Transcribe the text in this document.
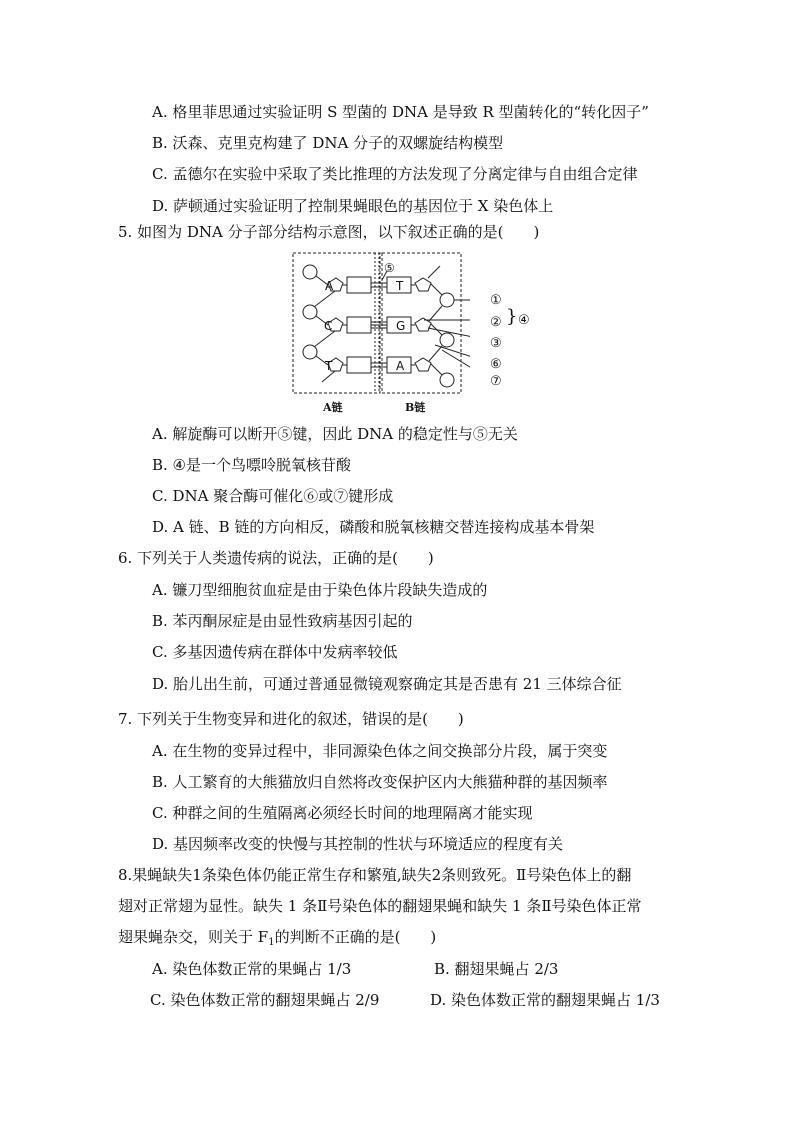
A. 格里菲思通过实验证明 S 型菌的 DNA 是导致 R 型菌转化的“转化因子”
B. 沃森、克里克构建了 DNA 分子的双螺旋结构模型
C. 孟德尔在实验中采取了类比推理的方法发现了分离定律与自由组合定律
D. 萨顿通过实验证明了控制果蝇眼色的基因位于 X 染色体上
5. 如图为 DNA 分子部分结构示意图，以下叙述正确的是(　　)
A
C
T
T
G
A
⑤
①
②
③
} ④
⑥
⑦
A链	B链
A. 解旋酶可以断开⑤键，因此 DNA 的稳定性与⑤无关
B. ④是一个鸟嘌呤脱氧核苷酸
C. DNA 聚合酶可催化⑥或⑦键形成
D. A 链、B 链的方向相反，磷酸和脱氧核糖交替连接构成基本骨架
6. 下列关于人类遗传病的说法，正确的是(　　)
A. 镰刀型细胞贫血症是由于染色体片段缺失造成的
B. 苯丙酮尿症是由显性致病基因引起的
C. 多基因遗传病在群体中发病率较低
D. 胎儿出生前，可通过普通显微镜观察确定其是否患有 21 三体综合征
7. 下列关于生物变异和进化的叙述，错误的是(　　)
A. 在生物的变异过程中，非同源染色体之间交换部分片段，属于突变
B. 人工繁育的大熊猫放归自然将改变保护区内大熊猫种群的基因频率
C. 种群之间的生殖隔离必须经长时间的地理隔离才能实现
D. 基因频率改变的快慢与其控制的性状与环境适应的程度有关
8.果蝇缺失1条染色体仍能正常生存和繁殖,缺失2条则致死。Ⅱ号染色体上的翻
翅对正常翅为显性。缺失 1 条Ⅱ号染色体的翻翅果蝇和缺失 1 条Ⅱ号染色体正常
翅果蝇杂交，则关于 $F_1$的判断不正确的是(　　)
A. 染色体数正常的果蝇占 1/3	B. 翻翅果蝇占 2/3
C. 染色体数正常的翻翅果蝇占 2/9	D. 染色体数正常的翻翅果蝇占 1/3
